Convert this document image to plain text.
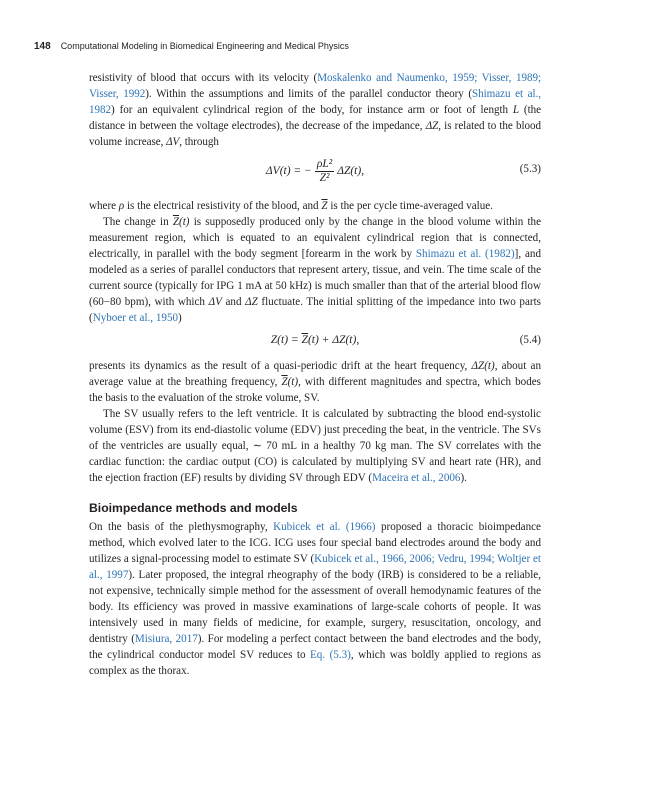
148 Computational Modeling in Biomedical Engineering and Medical Physics

resistivity of blood that occurs with its velocity (Moskalenko and Naumenko, 1959; Visser, 1989; Visser, 1992). Within the assumptions and limits of the parallel conductor theory (Shimazu et al., 1982) for an equivalent cylindrical region of the body, for instance arm or foot of length L (the distance in between the voltage electrodes), the decrease of the impedance, ΔZ, is related to the blood volume increase, ΔV, through

ΔV(t) = − $\frac{\text{ρL²}}{\text{Z²}} \Delta Z(t)$,	(5.3)

where ρ is the electrical resistivity of the blood, and $\overline{Z}$ is the per cycle time-averaged value.

The change in $\overline{Z}(t)$ is supposedly produced only by the change in the blood volume within the measurement region, which is equated to an equivalent cylindrical region that is connected, electrically, in parallel with the body segment [forearm in the work by Shimazu et al. (1982)], and modeled as a series of parallel conductors that represent artery, tissue, and vein. The time scale of the current source (typically for IPG 1 mA at 50 kHz) is much smaller than that of the arterial blood flow (60−80 bpm), with which ΔV and ΔZ fluctuate. The initial splitting of the impedance into two parts (Nyboer et al., 1950)

$Z(t) = \overline{Z}(t) + \Delta Z(t)$,	(5.4)

presents its dynamics as the result of a quasi-periodic drift at the heart frequency, ΔZ(t), about an average value at the breathing frequency, $\overline{Z}(t)$, with different magnitudes and spectra, which bodes the basis to the evaluation of the stroke volume, SV.

The SV usually refers to the left ventricle. It is calculated by subtracting the blood end-systolic volume (ESV) from its end-diastolic volume (EDV) just preceding the beat, in the ventricle. The SVs of the ventricles are usually equal, ∼ 70 mL in a healthy 70 kg man. The SV correlates with the cardiac function: the cardiac output (CO) is calculated by multiplying SV and heart rate (HR), and the ejection fraction (EF) results by dividing SV through EDV (Maceira et al., 2006).

Bioimpedance methods and models

On the basis of the plethysmography, Kubicek et al. (1966) proposed a thoracic bioimpedance method, which evolved later to the ICG. ICG uses four special band electrodes around the body and utilizes a signal-processing model to estimate SV (Kubicek et al., 1966, 2006; Vedru, 1994; Woltjer et al., 1997). Later proposed, the integral rheography of the body (IRB) is considered to be a reliable, not expensive, technically simple method for the assessment of overall hemodynamic features of the body. Its efficiency was proved in massive examinations of large-scale cohorts of people. It was intensively used in many fields of medicine, for example, surgery, resuscitation, oncology, and dentistry (Misiura, 2017). For modeling a perfect contact between the band electrodes and the body, the cylindrical conductor model SV reduces to Eq. (5.3), which was boldly applied to regions as complex as the thorax.
